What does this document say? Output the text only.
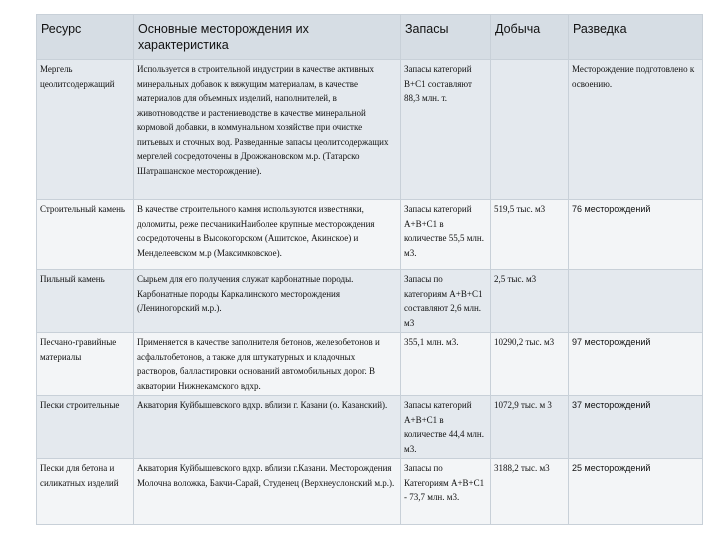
Ресурс	Основные месторождения их характеристика	Запасы	Добыча	Разведка
Мергель цеолитсодержащий	Используется в строительной индустрии в качестве активных минеральных добавок к вяжущим материалам, в качестве материалов для объемных изделий, наполнителей, в животноводстве и растениеводстве в качестве минеральной кормовой добавки, в коммунальном хозяйстве при очистке питьевых и сточных вод. Разведанные запасы цеолитсодержащих мергелей сосредоточены в Дрожжановском м.р. (Татарско Шатрашанское месторождение).	Запасы категорий В+С1 составляют 88,3 млн. т.		Месторождение подготовлено к освоению.
Строительный камень	В качестве строительного камня используются известняки, доломиты, реже песчаникиНаиболее крупные месторождения сосредоточены в Высокогорском (Ашитское, Акинское) и Менделеевском м.р (Максимковское).	Запасы категорий А+В+С1 в количестве 55,5 млн. м3.	519,5 тыс. м3	76 месторождений
Пильный камень	Сырьем для его получения служат карбонатные породы. Карбонатные породы Каркалинского месторождения (Лениногорский м.р.).	Запасы по категориям А+В+С1 составляют 2,6 млн. м3	2,5 тыс. м3	
Песчано-гравийные материалы	Применяется в качестве заполнителя бетонов, железобетонов и асфальтобетонов, а также для штукатурных и кладочных растворов, балластировки оснований автомобильных дорог. В акватории Нижнекамского вдхр.	355,1 млн. м3.	10290,2 тыс. м3	97 месторождений
Пески строительные	Акватория Куйбышевского вдхр. вблизи г. Казани (о. Казанский).	Запасы категорий А+В+С1 в количестве 44,4 млн. м3.	1072,9 тыс. м 3	37 месторождений
Пески для бетона и силикатных изделий	Акватория Куйбышевского вдхр. вблизи г.Казани. Месторождения Молочна воложка, Бакчи-Сарай, Студенец (Верхнеуслонский м.р.).	Запасы по Категориям А+В+С1 - 73,7 млн. м3.	3188,2 тыс. м3	25 месторождений
